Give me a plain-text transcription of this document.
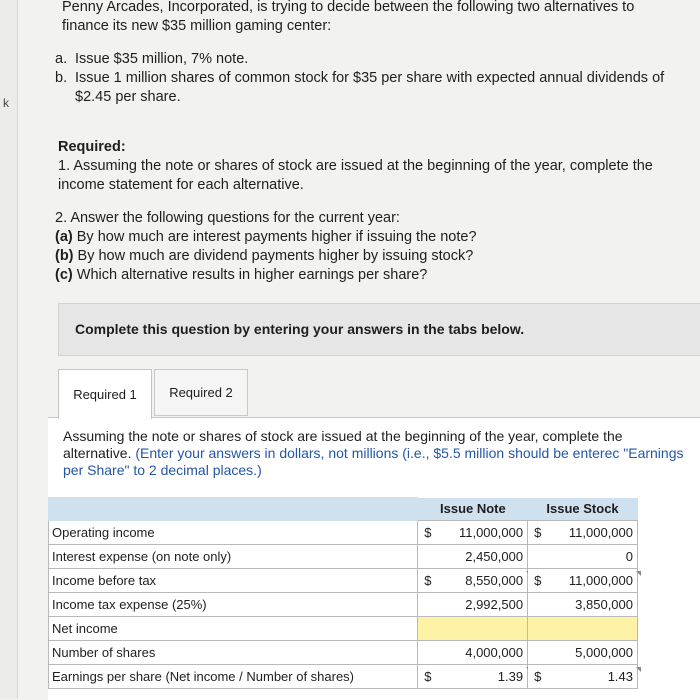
k
Penny Arcades, Incorporated, is trying to decide between the following two alternatives to finance its new $35 million gaming center:
a. Issue $35 million, 7% note.
b. Issue 1 million shares of common stock for $35 per share with expected annual dividends of $2.45 per share.
Required:
1. Assuming the note or shares of stock are issued at the beginning of the year, complete the income statement for each alternative.
2. Answer the following questions for the current year:
(a) By how much are interest payments higher if issuing the note?
(b) By how much are dividend payments higher by issuing stock?
(c) Which alternative results in higher earnings per share?
Complete this question by entering your answers in the tabs below.
Required 1	Required 2
Assuming the note or shares of stock are issued at the beginning of the year, complete the alternative. (Enter your answers in dollars, not millions (i.e., $5.5 million should be enterec "Earnings per Share" to 2 decimal places.)
	Issue Note	Issue Stock
Operating income	$ 11,000,000	$ 11,000,000
Interest expense (on note only)	2,450,000	0
Income before tax	$ 8,550,000	$ 11,000,000

Income tax expense (25%)	2,992,500	3,850,000
Net income	

Number of shares	4,000,000	5,000,000
Earnings per share (Net income / Number of shares)	$ 1.39	$ 1.43
